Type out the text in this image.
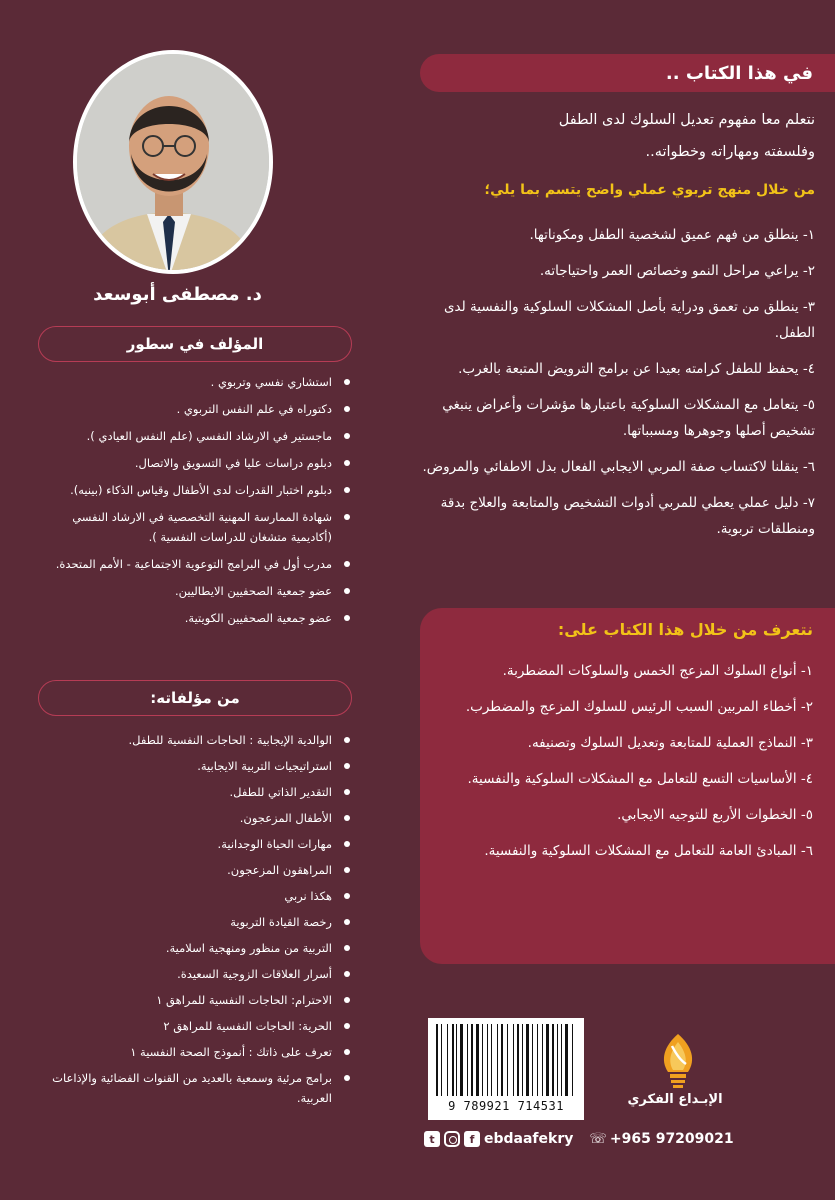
في هذا الكتاب ..
نتعلم معا مفهوم تعديل السلوك لدى الطفل
وفلسفته ومهاراته وخطواته..
من خلال منهج تربوي عملي واضح يتسم بما يلي؛
١- ينطلق من فهم عميق لشخصية الطفل ومكوناتها.
٢- يراعي مراحل النمو وخصائص العمر واحتياجاته.
٣- ينطلق من تعمق ودراية بأصل المشكلات السلوكية والنفسية لدى الطفل.
٤- يحفظ للطفل كرامته بعيدا عن برامج الترويض المتبعة بالغرب.
٥- يتعامل مع المشكلات السلوكية باعتبارها مؤشرات وأعراض ينبغي تشخيص أصلها وجوهرها ومسبباتها.
٦- ينقلنا لاكتساب صفة المربي الايجابي الفعال بدل الاطفائي والمروض.
٧- دليل عملي يعطي للمربي أدوات التشخيص والمتابعة والعلاج بدقة ومنطلقات تربوية.
نتعرف من خلال هذا الكتاب على:
١- أنواع السلوك المزعج الخمس والسلوكات المضطربة.
٢- أخطاء المربين السبب الرئيس للسلوك المزعج والمضطرب.
٣- النماذج العملية للمتابعة وتعديل السلوك وتصنيفه.
٤- الأساسيات التسع للتعامل مع المشكلات السلوكية والنفسية.
٥- الخطوات الأربع للتوجيه الايجابي.
٦- المبادئ العامة للتعامل مع المشكلات السلوكية والنفسية.
د. مصطفى أبوسعد
المؤلف في سطور
استشاري نفسي وتربوي .
دكتوراه في علم النفس التربوي .
ماجستير في الارشاد النفسي (علم النفس العيادي ).
دبلوم دراسات عليا في التسويق والاتصال.
دبلوم اختبار القدرات لدى الأطفال وقياس الذكاء (بينيه).
شهادة الممارسة المهنية التخصصية في الارشاد النفسي (أكاديمية متشغان للدراسات النفسية ).
مدرب أول في البرامج التوعوية الاجتماعية - الأمم المتحدة.
عضو جمعية الصحفيين الايطاليين.
عضو جمعية الصحفيين الكويتية.
من مؤلفاته:
الوالدية الإيجابية : الحاجات النفسية للطفل.
استراتيجيات التربية الايجابية.
التقدير الذاتي للطفل.
الأطفال المزعجون.
مهارات الحياة الوجدانية.
المراهقون المزعجون.
هكذا نربي
رخصة القيادة التربوية
التربية من منظور ومنهجية اسلامية.
أسرار العلاقات الزوجية السعيدة.
الاحترام: الحاجات النفسية للمراهق ١
الحرية: الحاجات النفسية للمراهق ٢
تعرف على ذاتك : أنموذج الصحة النفسية ١
برامج مرئية وسمعية بالعديد من القنوات الفضائية والإذاعات العربية.
9 789921 714531	الإبـداع الفكري
t	f ebdaafekry ☏ +965 97209021
